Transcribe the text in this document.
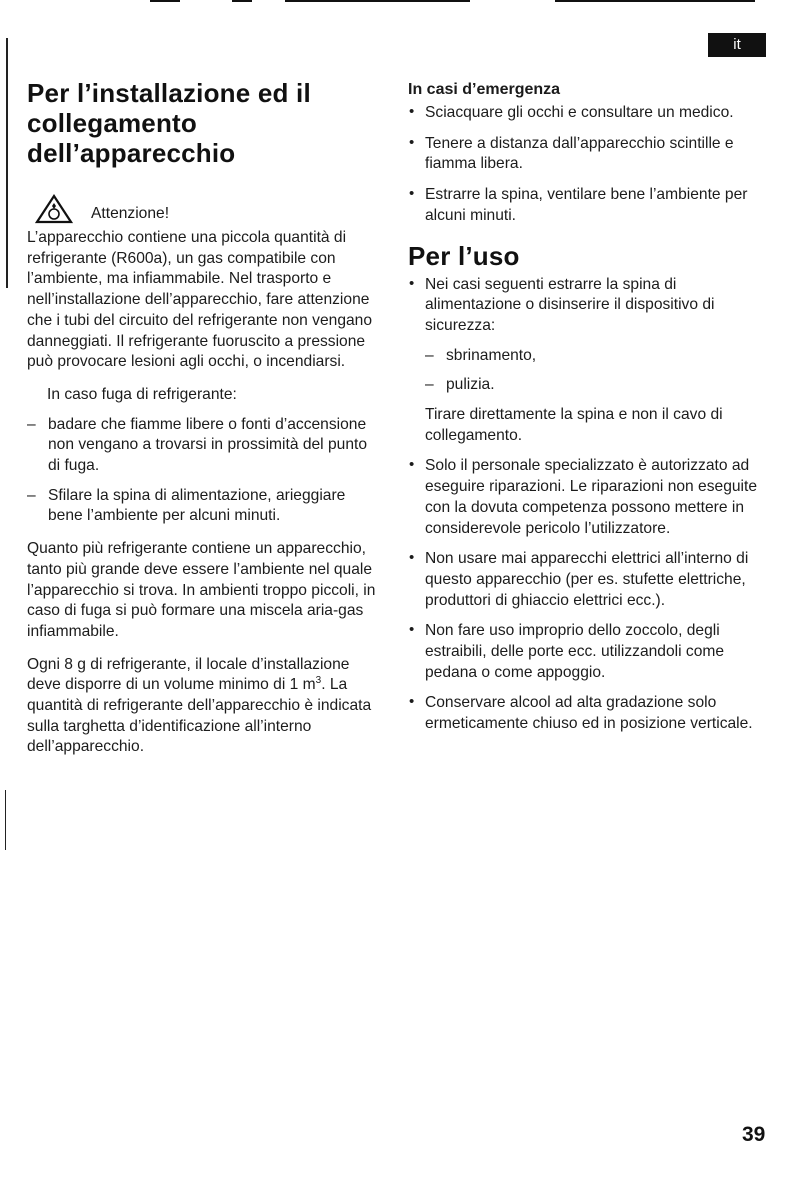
it
Per l’installazione ed il collegamento dell’apparecchio
Attenzione!

L’apparecchio contiene una piccola quantità di refrigerante (R600a), un gas compatibile con l’ambiente, ma infiammabile. Nel trasporto e nell’installazione dell’apparecchio, fare attenzione che i tubi del circuito del refrigerante non vengano danneggiati. Il refrigerante fuoruscito a pressione può provocare lesioni agli occhi, o incendiarsi.

In caso fuga di refrigerante:

– badare che fiamme libere o fonti d’accensione non vengano a trovarsi in prossimità del punto di fuga.
– Sfilare la spina di alimentazione, arieggiare bene l’ambiente per alcuni minuti.

Quanto più refrigerante contiene un apparecchio, tanto più grande deve essere l’ambiente nel quale l’apparecchio si trova. In ambienti troppo piccoli, in caso di fuga si può formare una miscela aria-gas infiammabile.

Ogni 8 g di refrigerante, il locale d’installazione deve disporre di un volume minimo di 1 $m^3$. La quantità di refrigerante dell’apparecchio è indicata sulla targhetta d’identificazione all’interno dell’apparecchio.

In casi d’emergenza
• Sciacquare gli occhi e consultare un medico.
• Tenere a distanza dall’apparecchio scintille e fiamma libera.
• Estrarre la spina, ventilare bene l’ambiente per alcuni minuti.
Per l’uso
• Nei casi seguenti estrarre la spina di alimentazione o disinserire il dispositivo di sicurezza:
– sbrinamento,
– pulizia.

Tirare direttamente la spina e non il cavo di collegamento.

• Solo il personale specializzato è autorizzato ad eseguire riparazioni. Le riparazioni non eseguite con la dovuta competenza possono mettere in considerevole pericolo l’utilizzatore.
• Non usare mai apparecchi elettrici all’interno di questo apparecchio (per es. stufette elettriche, produttori di ghiaccio elettrici ecc.).
• Non fare uso improprio dello zoccolo, degli estraibili, delle porte ecc. utilizzandoli come pedana o come appoggio.
• Conservare alcool ad alta gradazione solo ermeticamente chiuso ed in posizione verticale.
39
